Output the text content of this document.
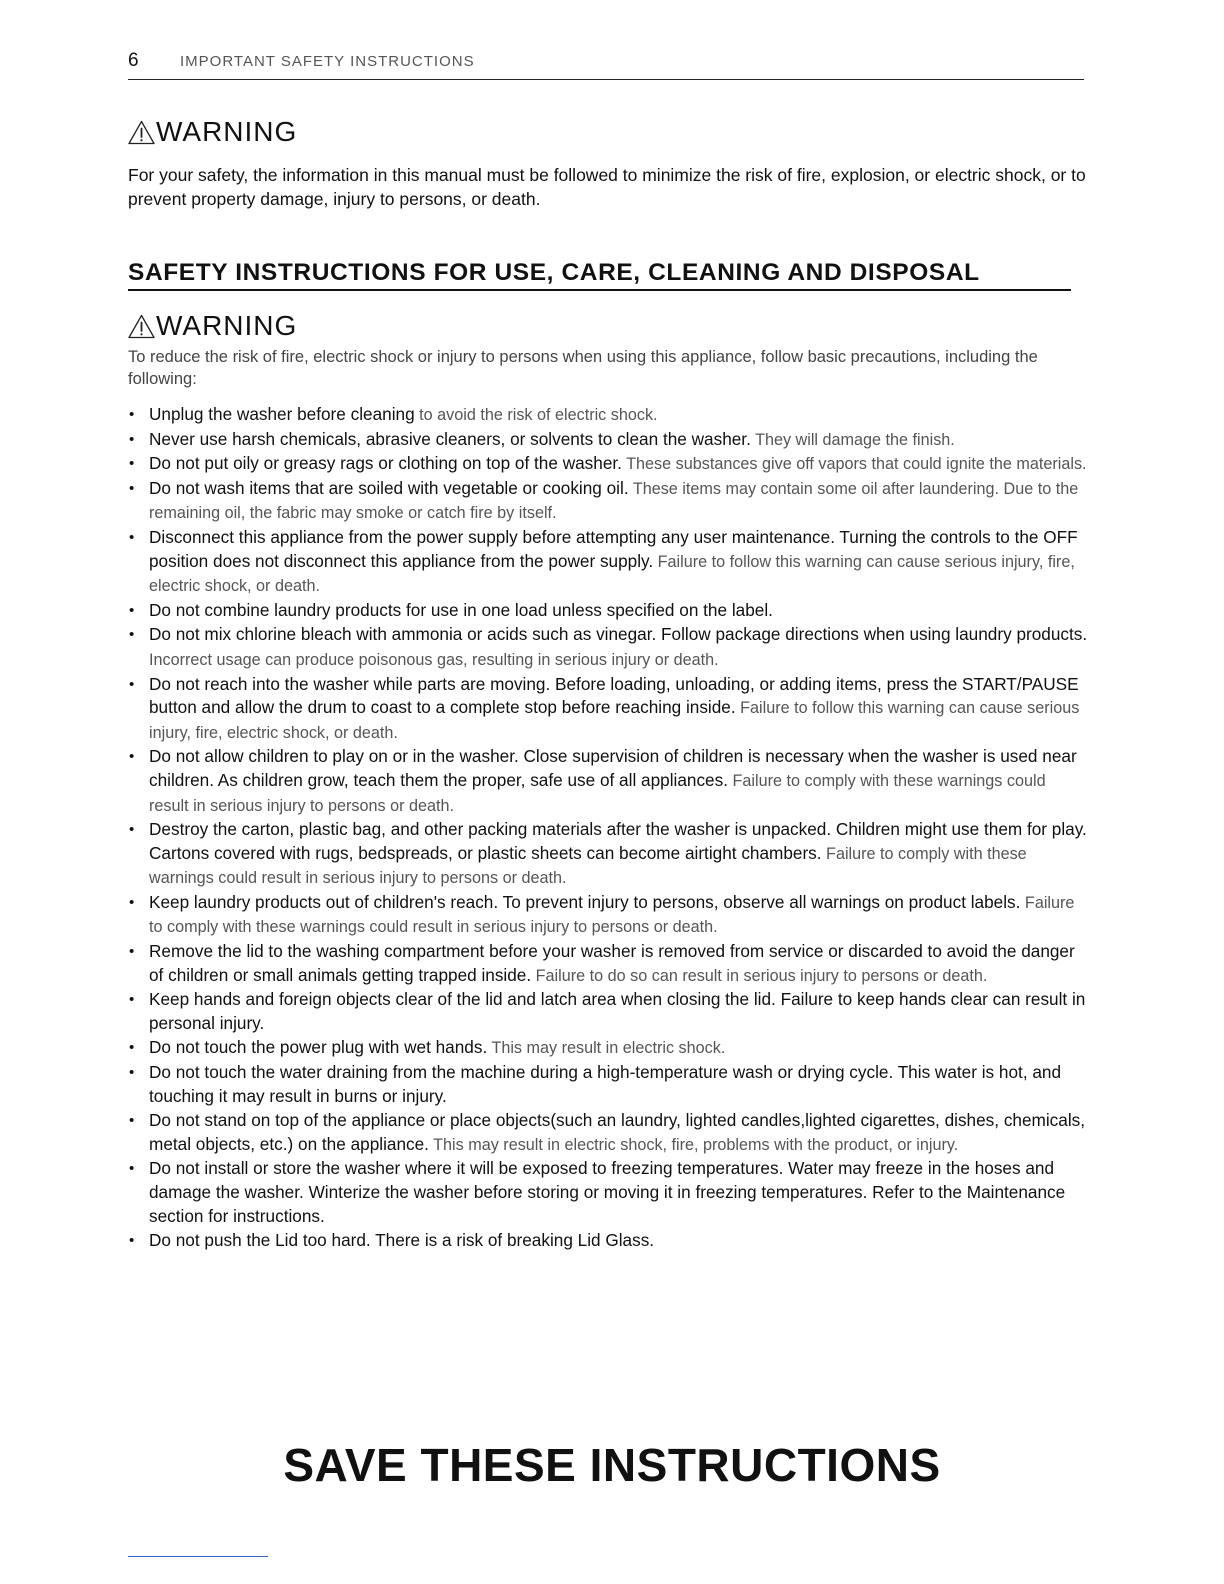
6	IMPORTANT SAFETY INSTRUCTIONS
WARNING
For your safety, the information in this manual must be followed to minimize the risk of fire, explosion, or electric shock, or to prevent property damage, injury to persons, or death.
SAFETY INSTRUCTIONS FOR USE, CARE, CLEANING AND DISPOSAL
WARNING
To reduce the risk of fire, electric shock or injury to persons when using this appliance, follow basic precautions, including the following:
• Unplug the washer before cleaning to avoid the risk of electric shock.
• Never use harsh chemicals, abrasive cleaners, or solvents to clean the washer. They will damage the finish.
• Do not put oily or greasy rags or clothing on top of the washer. These substances give off vapors that could ignite the materials.
• Do not wash items that are soiled with vegetable or cooking oil. These items may contain some oil after laundering. Due to the remaining oil, the fabric may smoke or catch fire by itself.
• Disconnect this appliance from the power supply before attempting any user maintenance. Turning the controls to the OFF position does not disconnect this appliance from the power supply. Failure to follow this warning can cause serious injury, fire, electric shock, or death.
• Do not combine laundry products for use in one load unless specified on the label.
• Do not mix chlorine bleach with ammonia or acids such as vinegar. Follow package directions when using laundry products. Incorrect usage can produce poisonous gas, resulting in serious injury or death.
• Do not reach into the washer while parts are moving. Before loading, unloading, or adding items, press the START/PAUSE button and allow the drum to coast to a complete stop before reaching inside. Failure to follow this warning can cause serious injury, fire, electric shock, or death.
• Do not allow children to play on or in the washer. Close supervision of children is necessary when the washer is used near children. As children grow, teach them the proper, safe use of all appliances. Failure to comply with these warnings could result in serious injury to persons or death.
• Destroy the carton, plastic bag, and other packing materials after the washer is unpacked. Children might use them for play. Cartons covered with rugs, bedspreads, or plastic sheets can become airtight chambers. Failure to comply with these warnings could result in serious injury to persons or death.
• Keep laundry products out of children's reach. To prevent injury to persons, observe all warnings on product labels. Failure to comply with these warnings could result in serious injury to persons or death.
• Remove the lid to the washing compartment before your washer is removed from service or discarded to avoid the danger of children or small animals getting trapped inside. Failure to do so can result in serious injury to persons or death.
• Keep hands and foreign objects clear of the lid and latch area when closing the lid. Failure to keep hands clear can result in personal injury.
• Do not touch the power plug with wet hands. This may result in electric shock.
• Do not touch the water draining from the machine during a high-temperature wash or drying cycle. This water is hot, and touching it may result in burns or injury.
• Do not stand on top of the appliance or place objects(such an laundry, lighted candles,lighted cigarettes, dishes, chemicals, metal objects, etc.) on the appliance. This may result in electric shock, fire, problems with the product, or injury.
• Do not install or store the washer where it will be exposed to freezing temperatures. Water may freeze in the hoses and damage the washer. Winterize the washer before storing or moving it in freezing temperatures. Refer to the Maintenance section for instructions.
• Do not push the Lid too hard. There is a risk of breaking Lid Glass.
SAVE THESE INSTRUCTIONS
